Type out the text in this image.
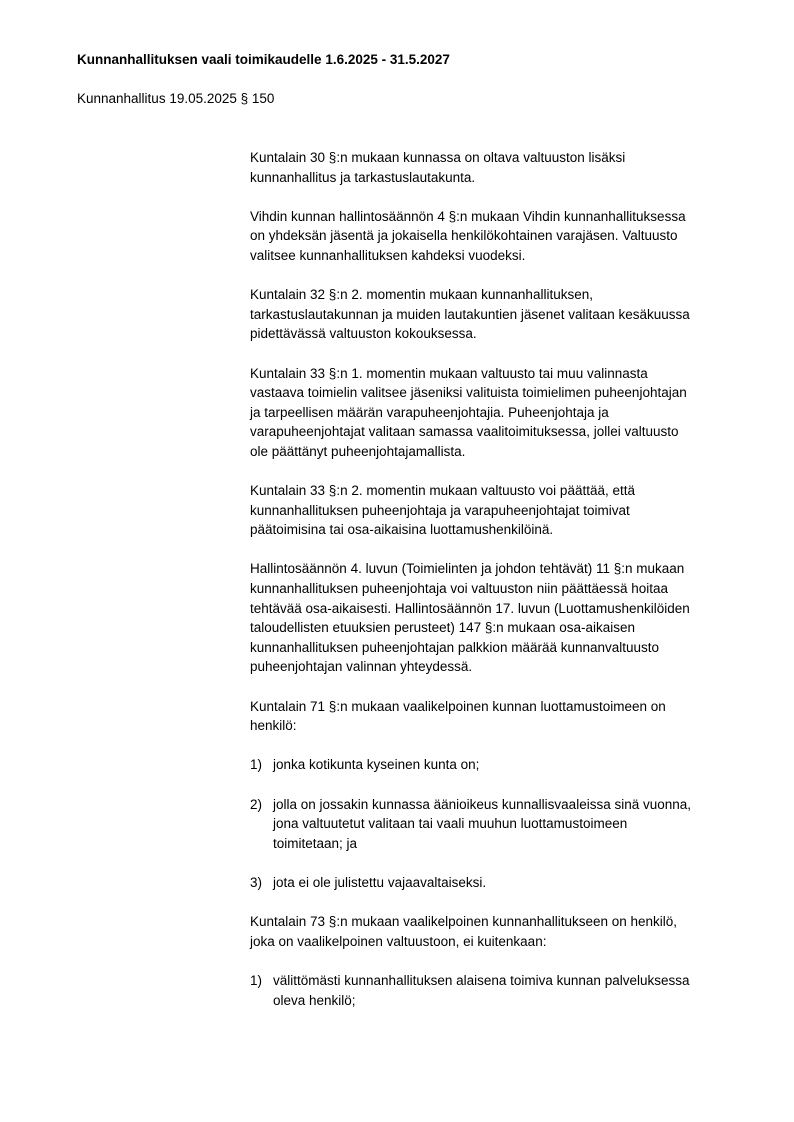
Kunnanhallituksen vaali toimikaudelle 1.6.2025 - 31.5.2027
Kunnanhallitus 19.05.2025 § 150

Kuntalain 30 §:n mukaan kunnassa on oltava valtuuston lisäksi
kunnanhallitus ja tarkastuslautakunta.

Vihdin kunnan hallintosäännön 4 §:n mukaan Vihdin kunnanhallituksessa
on yhdeksän jäsentä ja jokaisella henkilökohtainen varajäsen. Valtuusto
valitsee kunnanhallituksen kahdeksi vuodeksi.

Kuntalain 32 §:n 2. momentin mukaan kunnanhallituksen,
tarkastuslautakunnan ja muiden lautakuntien jäsenet valitaan kesäkuussa
pidettävässä valtuuston kokouksessa.

Kuntalain 33 §:n 1. momentin mukaan valtuusto tai muu valinnasta
vastaava toimielin valitsee jäseniksi valituista toimielimen puheenjohtajan
ja tarpeellisen määrän varapuheenjohtajia. Puheenjohtaja ja
varapuheenjohtajat valitaan samassa vaalitoimituksessa, jollei valtuusto
ole päättänyt puheenjohtajamallista.

Kuntalain 33 §:n 2. momentin mukaan valtuusto voi päättää, että
kunnanhallituksen puheenjohtaja ja varapuheenjohtajat toimivat
päätoimisina tai osa-aikaisina luottamushenkilöinä.

Hallintosäännön 4. luvun (Toimielinten ja johdon tehtävät) 11 §:n mukaan
kunnanhallituksen puheenjohtaja voi valtuuston niin päättäessä hoitaa
tehtävää osa-aikaisesti. Hallintosäännön 17. luvun (Luottamushenkilöiden
taloudellisten etuuksien perusteet) 147 §:n mukaan osa-aikaisen
kunnanhallituksen puheenjohtajan palkkion määrää kunnanvaltuusto
puheenjohtajan valinnan yhteydessä.

Kuntalain 71 §:n mukaan vaalikelpoinen kunnan luottamustoimeen on
henkilö:

1) jonka kotikunta kyseinen kunta on;
2) jolla on jossakin kunnassa äänioikeus kunnallisvaaleissa sinä vuonna,
jona valtuutetut valitaan tai vaali muuhun luottamustoimeen
toimitetaan; ja
3) jota ei ole julistettu vajaavaltaiseksi.

Kuntalain 73 §:n mukaan vaalikelpoinen kunnanhallitukseen on henkilö,
joka on vaalikelpoinen valtuustoon, ei kuitenkaan:

1) välittömästi kunnanhallituksen alaisena toimiva kunnan palveluksessa
oleva henkilö;
